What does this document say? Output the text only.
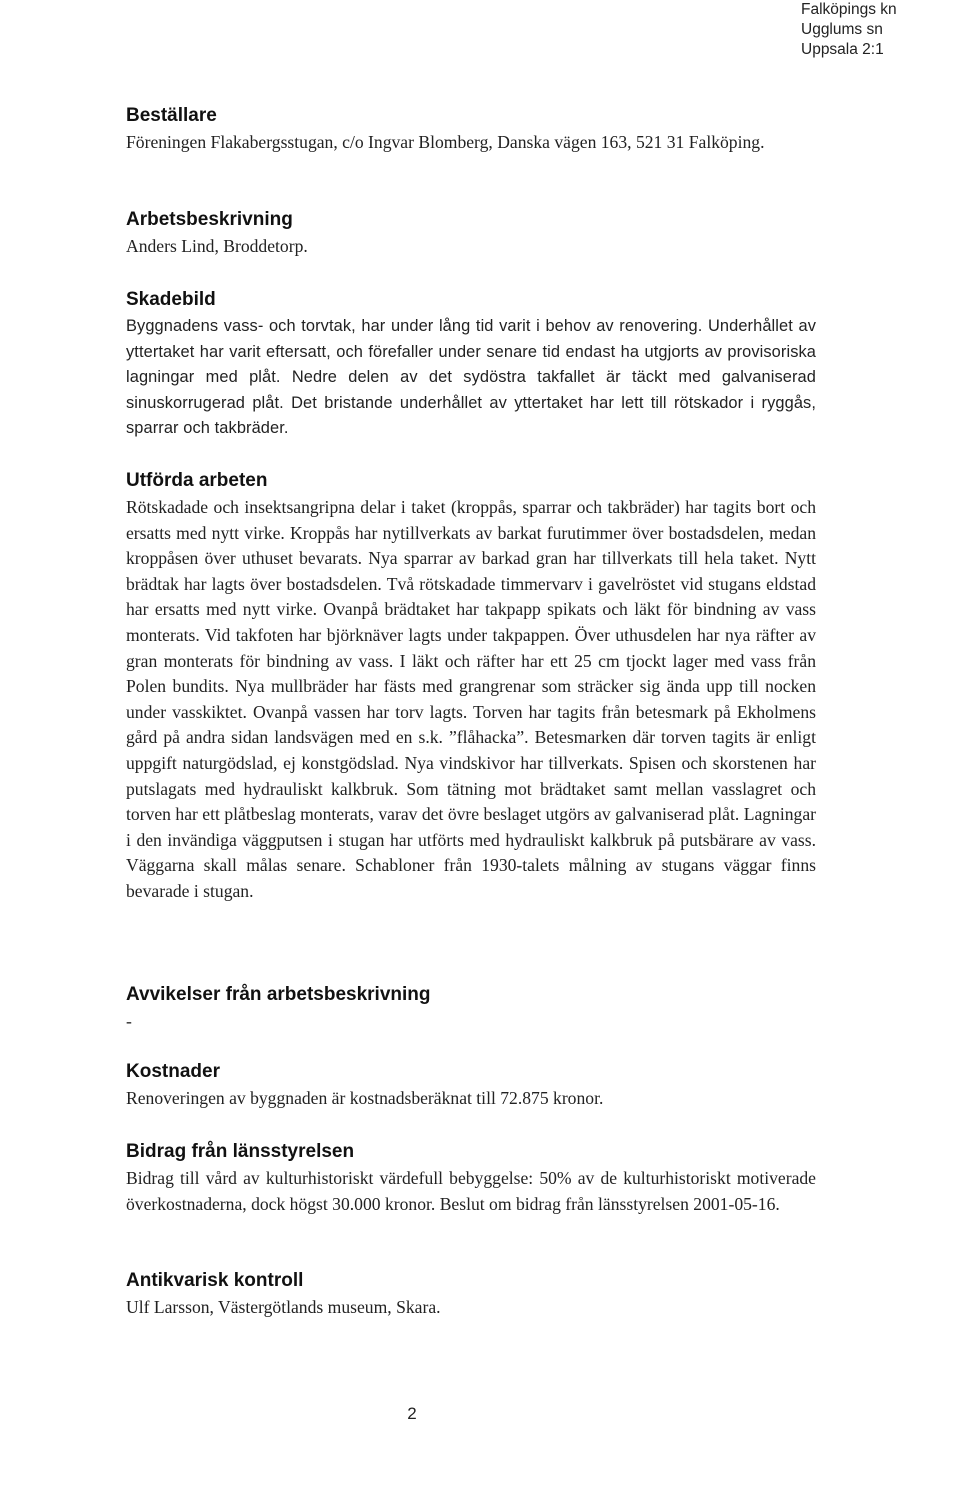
Falköpings kn
Ugglums sn
Uppsala 2:1
Beställare

Föreningen Flakabergsstugan, c/o Ingvar Blomberg, Danska vägen 163, 521 31 Falköping.

Arbetsbeskrivning

Anders Lind, Broddetorp.

Skadebild

Byggnadens vass- och torvtak, har under lång tid varit i behov av renovering. Underhållet av yttertaket har varit eftersatt, och förefaller under senare tid endast ha utgjorts av provisoriska lagningar med plåt. Nedre delen av det sydöstra takfallet är täckt med galvaniserad sinuskorrugerad plåt. Det bristande underhållet av yttertaket har lett till rötskador i ryggås, sparrar och takbräder.

Utförda arbeten

Rötskadade och insektsangripna delar i taket (kroppås, sparrar och takbräder) har tagits bort och ersatts med nytt virke. Kroppås har nytillverkats av barkat furutimmer över bostadsdelen, medan kroppåsen över uthuset bevarats. Nya sparrar av barkad gran har tillverkats till hela taket. Nytt brädtak har lagts över bostadsdelen. Två rötskadade timmervarv i gavelröstet vid stugans eldstad har ersatts med nytt virke. Ovanpå brädtaket har takpapp spikats och läkt för bindning av vass monterats. Vid takfoten har björknäver lagts under takpappen. Över uthusdelen har nya räfter av gran monterats för bindning av vass. I läkt och räfter har ett 25 cm tjockt lager med vass från Polen bundits. Nya mullbräder har fästs med grangrenar som sträcker sig ända upp till nocken under vasskiktet. Ovanpå vassen har torv lagts. Torven har tagits från betesmark på Ekholmens gård på andra sidan landsvägen med en s.k. ”flåhacka”. Betesmarken där torven tagits är enligt uppgift naturgödslad, ej konstgödslad. Nya vindskivor har tillverkats. Spisen och skorstenen har putslagats med hydrauliskt kalkbruk. Som tätning mot brädtaket samt mellan vasslagret och torven har ett plåtbeslag monterats, varav det övre beslaget utgörs av galvaniserad plåt. Lagningar i den invändiga väggputsen i stugan har utförts med hydrauliskt kalkbruk på putsbärare av vass. Väggarna skall målas senare. Schabloner från 1930-talets målning av stugans väggar finns bevarade i stugan.

Avvikelser från arbetsbeskrivning

-

Kostnader

Renoveringen av byggnaden är kostnadsberäknat till 72.875 kronor.

Bidrag från länsstyrelsen

Bidrag till vård av kulturhistoriskt värdefull bebyggelse: 50% av de kulturhistoriskt motiverade överkostnaderna, dock högst 30.000 kronor. Beslut om bidrag från länsstyrelsen 2001-05-16.

Antikvarisk kontroll

Ulf Larsson, Västergötlands museum, Skara.

2
